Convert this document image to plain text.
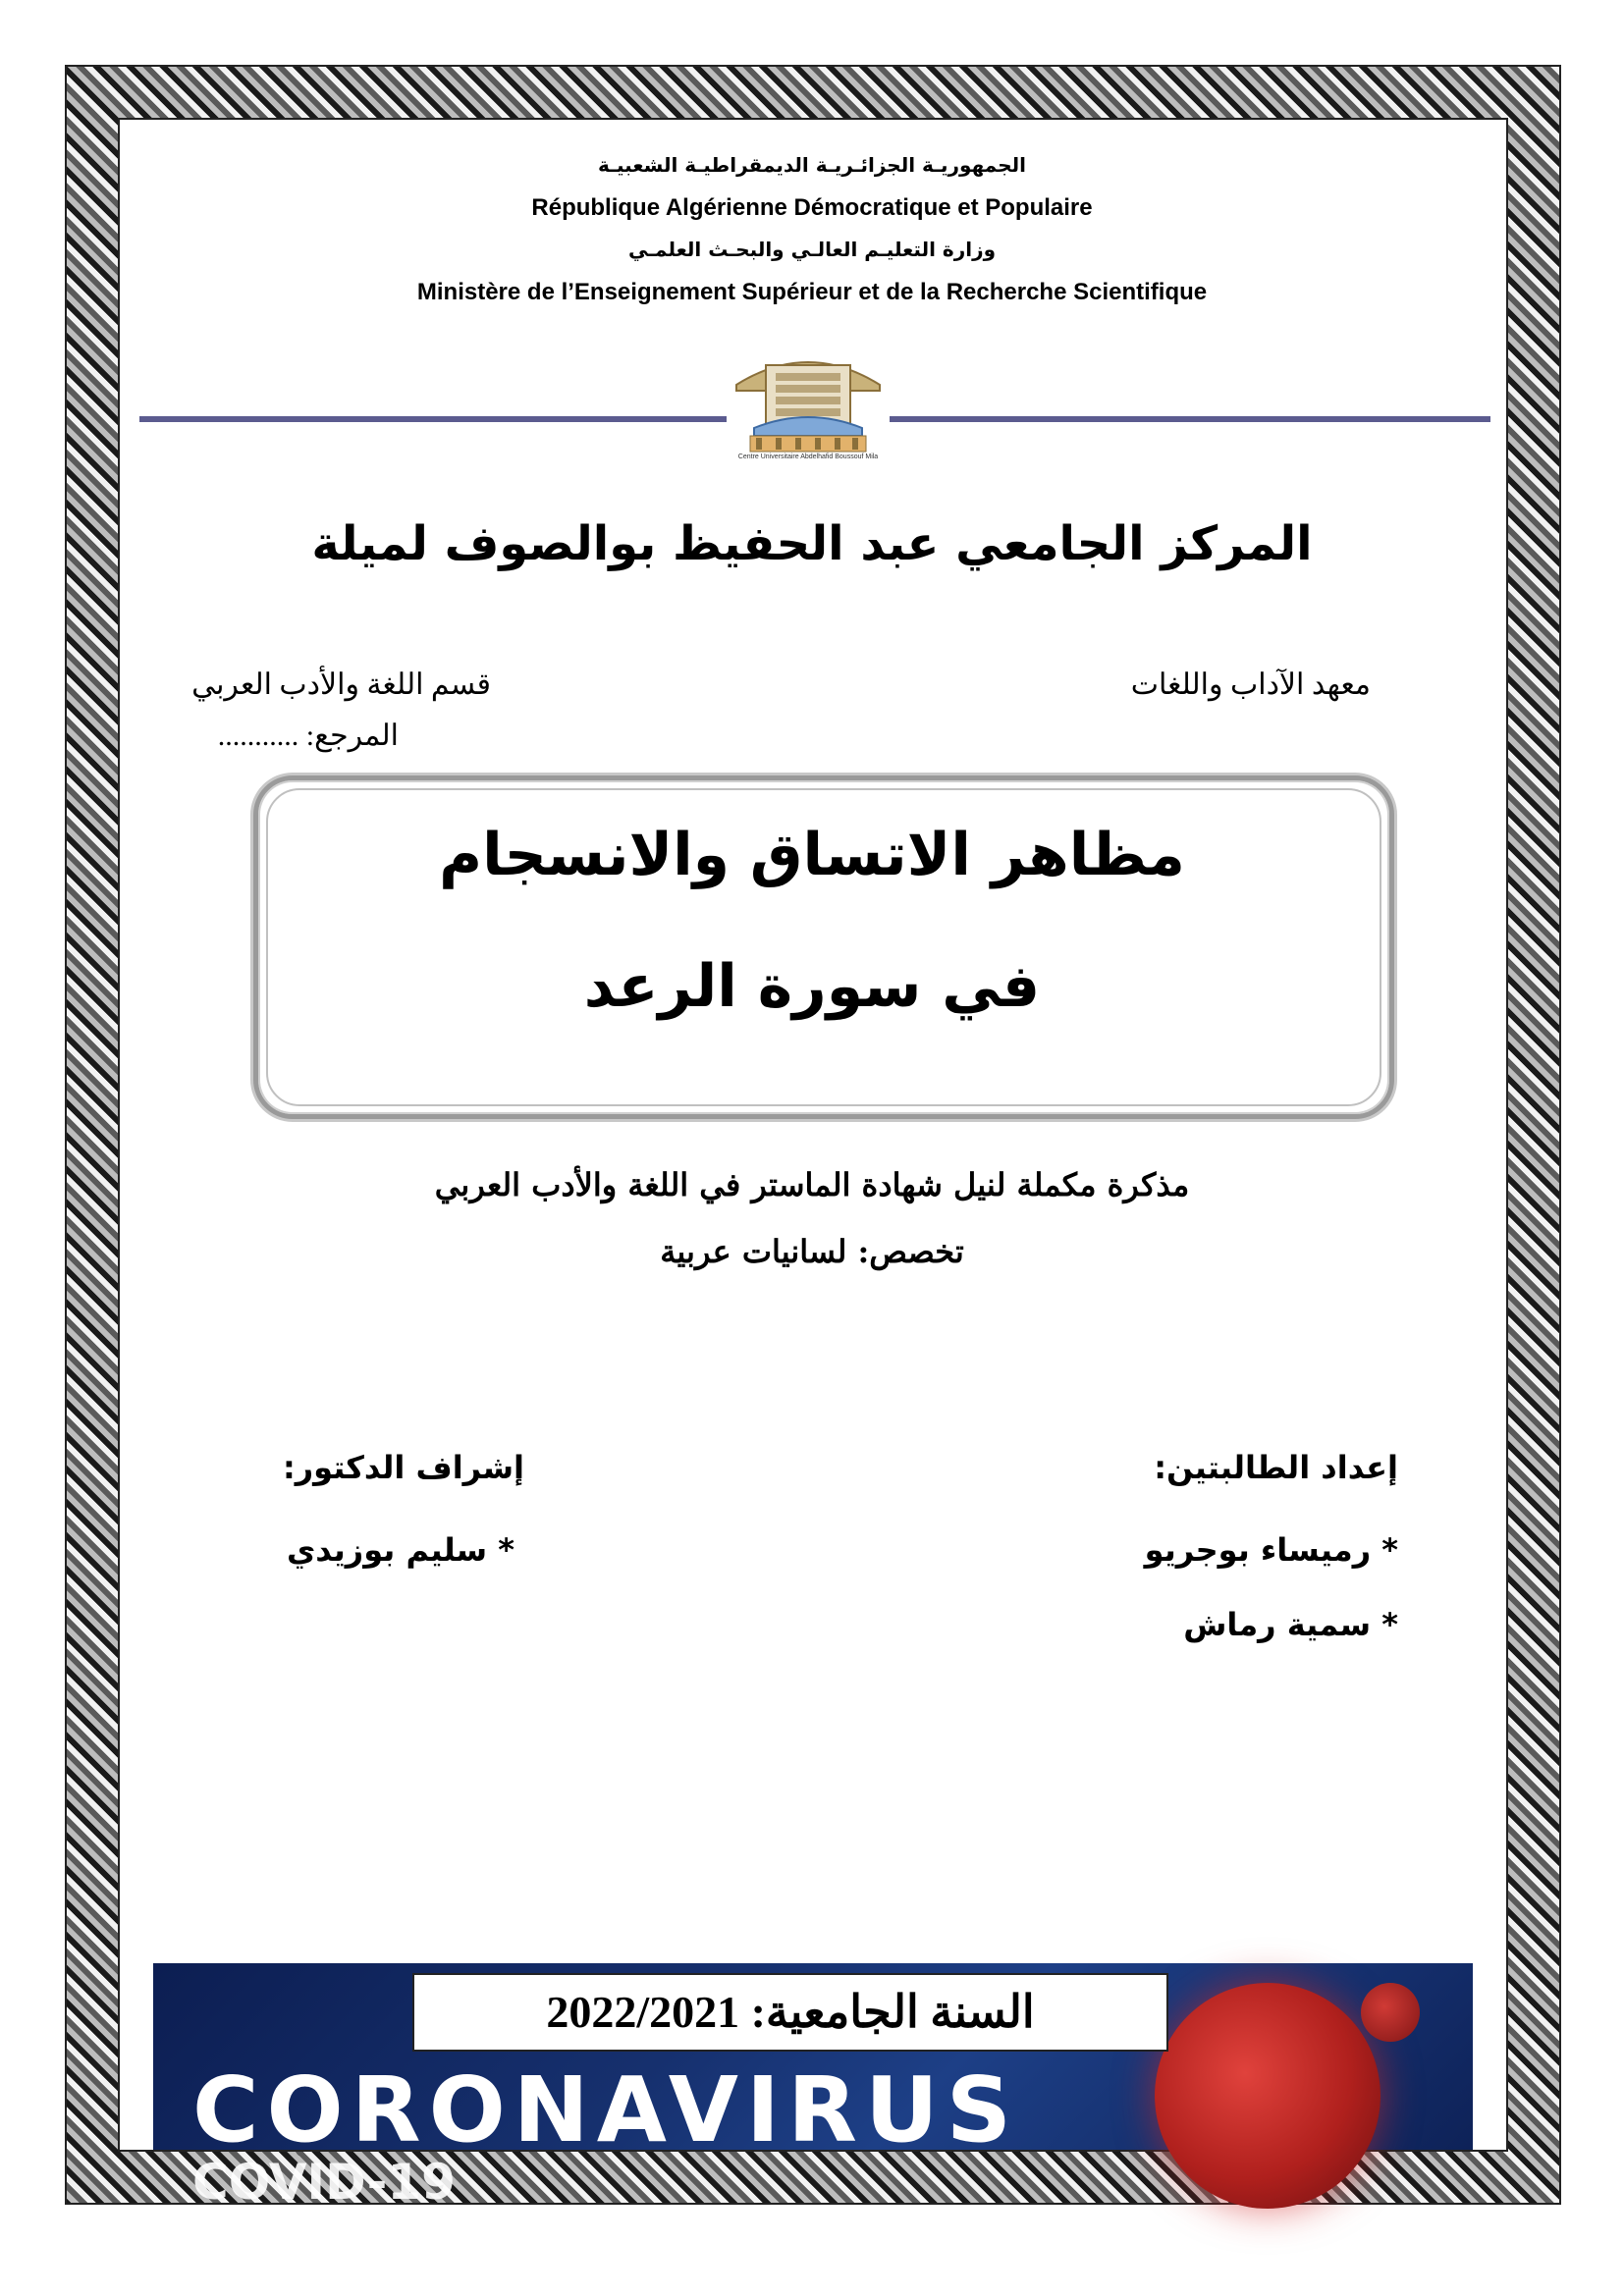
الجمهوريـة الجزائـريـة الديمقراطيـة الشعبيـة
République Algérienne Démocratique et Populaire
وزارة التعليـم العالـي والبحـث العلمـي
Ministère de l’Enseignement Supérieur et de la Recherche Scientifique
Centre Universitaire Abdelhafid Boussouf Mila
المركز الجامعي عبد الحفيظ بوالصوف لميلة
معهد الآداب واللغات
قسم اللغة والأدب العربي
المرجع: ...........
مظاهر الاتساق والانسجام
في سورة الرعد
مذكرة مكملة لنيل شهادة الماستر في اللغة والأدب العربي
تخصص: لسانيات عربية
إعداد الطالبتين:
* رميساء بوجريو
* سمية رماش
إشراف الدكتور:
* سليم بوزيدي
CORONAVIRUS
COVID-19
السنة الجامعية: 2022/2021
